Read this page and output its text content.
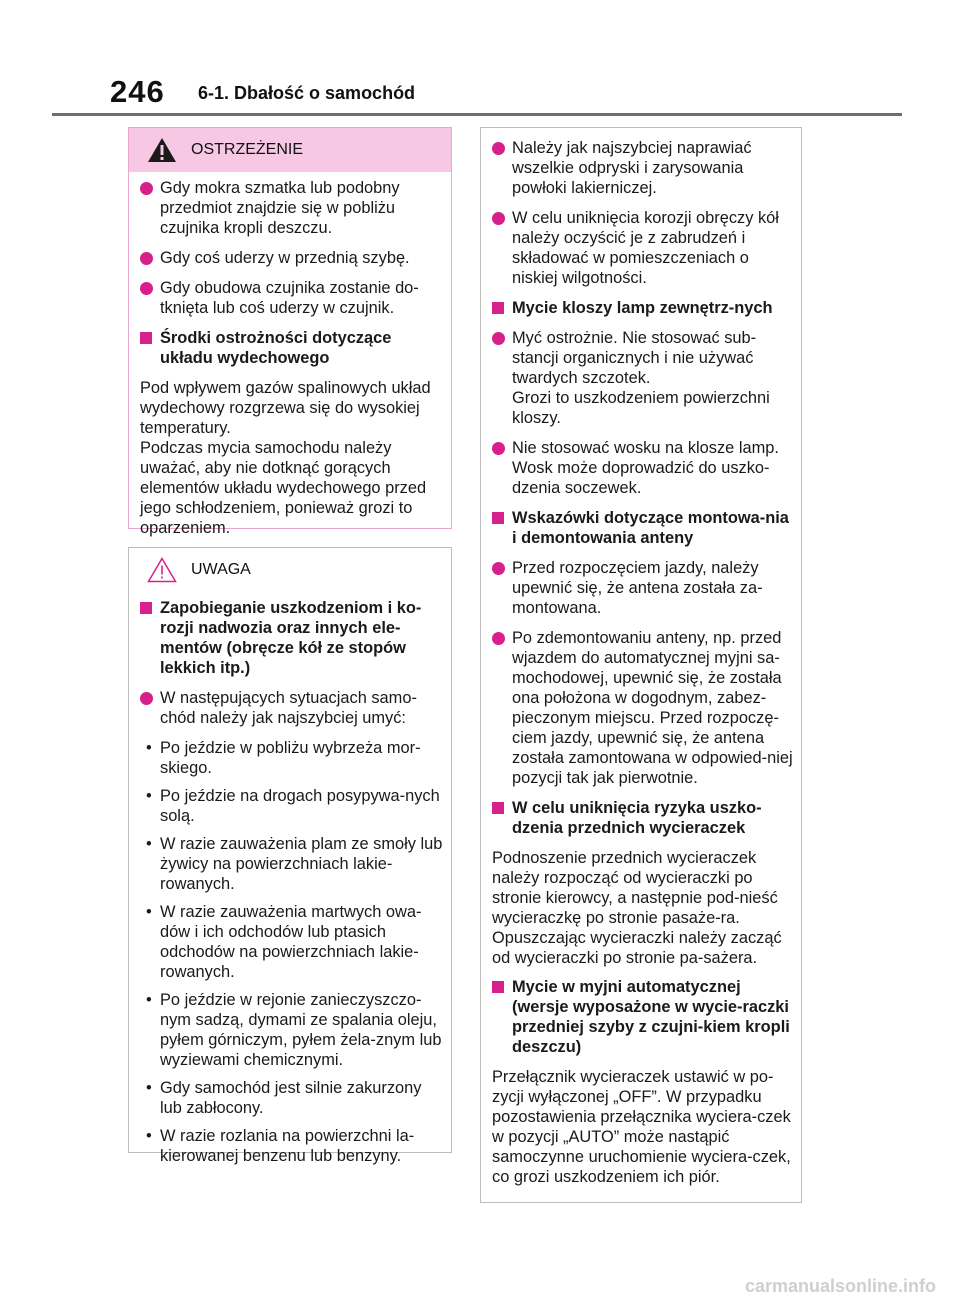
246 6-1. Dbałość o samochód
OSTRZEŻENIE
Gdy mokra szmatka lub podobny przedmiot znajdzie się w pobliżu czujnika kropli deszczu.
Gdy coś uderzy w przednią szybę.
Gdy obudowa czujnika zostanie do-tknięta lub coś uderzy w czujnik.
Środki ostrożności dotyczące układu wydechowego
Pod wpływem gazów spalinowych układ wydechowy rozgrzewa się do wysokiej temperatury.
Podczas mycia samochodu należy uważać, aby nie dotknąć gorących elementów układu wydechowego przed jego schłodzeniem, ponieważ grozi to oparzeniem.
UWAGA
Zapobieganie uszkodzeniom i ko-rozji nadwozia oraz innych ele-mentów (obręcze kół ze stopów lekkich itp.)
W następujących sytuacjach samo-chód należy jak najszybciej umyć:
• Po jeździe w pobliżu wybrzeża mor-skiego.
• Po jeździe na drogach posypywa-nych solą.
• W razie zauważenia plam ze smoły lub żywicy na powierzchniach lakie-rowanych.
• W razie zauważenia martwych owa-dów i ich odchodów lub ptasich odchodów na powierzchniach lakie-rowanych.
• Po jeździe w rejonie zanieczyszczo-nym sadzą, dymami ze spalania oleju, pyłem górniczym, pyłem żela-znym lub wyziewami chemicznymi.
• Gdy samochód jest silnie zakurzony lub zabłocony.
• W razie rozlania na powierzchni la-kierowanej benzenu lub benzyny.
Należy jak najszybciej naprawiać wszelkie odpryski i zarysowania powłoki lakierniczej.
W celu uniknięcia korozji obręczy kół należy oczyścić je z zabrudzeń i składować w pomieszczeniach o niskiej wilgotności.
Mycie kloszy lamp zewnętrz-nych
Myć ostrożnie. Nie stosować sub-stancji organicznych i nie używać twardych szczotek.
Grozi to uszkodzeniem powierzchni kloszy.
Nie stosować wosku na klosze lamp.
Wosk może doprowadzić do uszko-dzenia soczewek.
Wskazówki dotyczące montowa-nia i demontowania anteny
Przed rozpoczęciem jazdy, należy upewnić się, że antena została za-montowana.
Po zdemontowaniu anteny, np. przed wjazdem do automatycznej myjni sa-mochodowej, upewnić się, że została ona położona w dogodnym, zabez-pieczonym miejscu. Przed rozpoczę-ciem jazdy, upewnić się, że antena została zamontowana w odpowied-niej pozycji tak jak pierwotnie.
W celu uniknięcia ryzyka uszko-dzenia przednich wycieraczek
Podnoszenie przednich wycieraczek należy rozpocząć od wycieraczki po stronie kierowcy, a następnie pod-nieść wycieraczkę po stronie pasaże-ra. Opuszczając wycieraczki należy zacząć od wycieraczki po stronie pa-sażera.
Mycie w myjni automatycznej (wersje wyposażone w wycie-raczki przedniej szyby z czujni-kiem kropli deszczu)
Przełącznik wycieraczek ustawić w po-zycji wyłączonej „OFF”. W przypadku pozostawienia przełącznika wyciera-czek w pozycji „AUTO” może nastąpić samoczynne uruchomienie wyciera-czek, co grozi uszkodzeniem ich piór.
carmanualsonline.info
